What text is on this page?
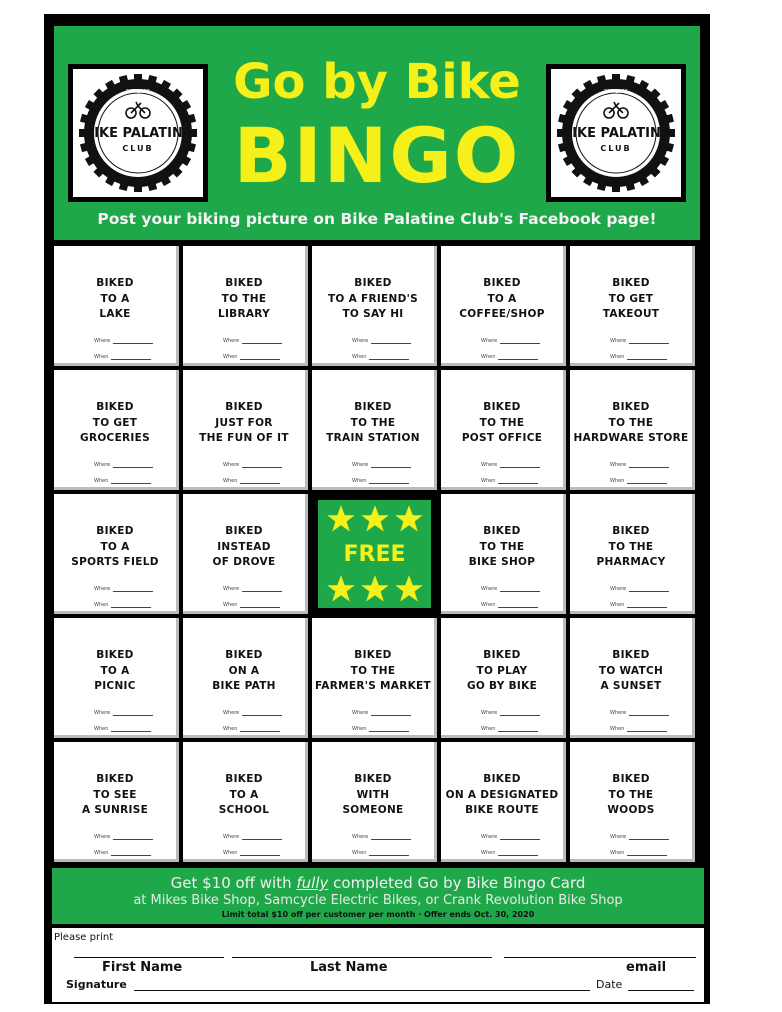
EST 2008
BIKE PALATINE
CLUB
Go by Bike
BINGO
EST 2008
BIKE PALATINE
CLUB
Post your biking picture on Bike Palatine Club's Facebook page!
BIKED
TO A
LAKE
Where
When
BIKED
TO THE
LIBRARY
Where
When
BIKED
TO A FRIEND'S
TO SAY HI
Where
When
BIKED
TO A
COFFEE/SHOP
Where
When
BIKED
TO GET
TAKEOUT
Where
When
BIKED
TO GET
GROCERIES
Where
When
BIKED
JUST FOR
THE FUN OF IT
Where
When
BIKED
TO THE
TRAIN STATION
Where
When
BIKED
TO THE
POST OFFICE
Where
When
BIKED
TO THE
HARDWARE STORE
Where
When
BIKED
TO A
SPORTS FIELD
Where
When
BIKED
INSTEAD
OF DROVE
Where
When
FREE
BIKED
TO THE
BIKE SHOP
Where
When
BIKED
TO THE
PHARMACY
Where
When
BIKED
TO A
PICNIC
Where
When
BIKED
ON A
BIKE PATH
Where
When
BIKED
TO THE
FARMER'S MARKET
Where
When
BIKED
TO PLAY
GO BY BIKE
Where
When
BIKED
TO WATCH
A SUNSET
Where
When
BIKED
TO SEE
A SUNRISE
Where
When
BIKED
TO A
SCHOOL
Where
When
BIKED
WITH
SOMEONE
Where
When
BIKED
ON A DESIGNATED
BIKE ROUTE
Where
When
BIKED
TO THE
WOODS
Where
When
Get $10 off with fully completed Go by Bike Bingo Card
at Mikes Bike Shop, Samcycle Electric Bikes, or Crank Revolution Bike Shop
Limit total $10 off per customer per month · Offer ends Oct. 30, 2020
Please print
First Name	Last Name	email
Signature	Date
